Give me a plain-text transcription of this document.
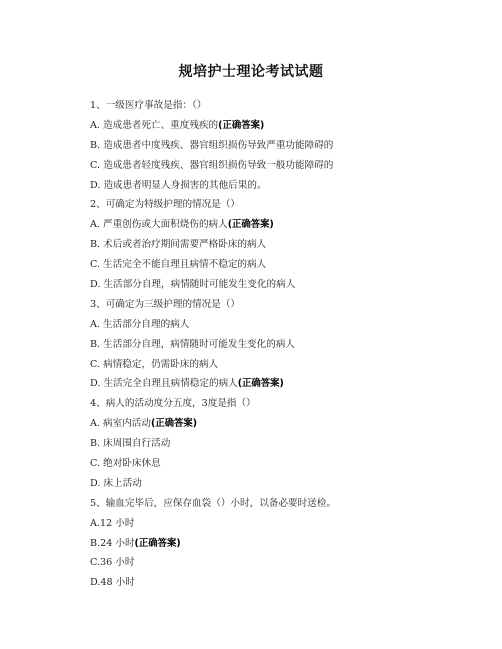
规培护士理论考试试题
1、一级医疗事故是指：（）
A. 造成患者死亡、重度残疾的(正确答案)
B. 造成患者中度残疾、器官组织损伤导致严重功能障碍的
C. 造成患者轻度残疾、器官组织损伤导致一般功能障碍的
D. 造成患者明显人身损害的其他后果的。
2、可确定为特级护理的情况是（）
A. 严重创伤或大面积烧伤的病人(正确答案)
B. 术后或者治疗期间需要严格卧床的病人
C. 生活完全不能自理且病情不稳定的病人
D. 生活部分自理，病情随时可能发生变化的病人
3、可确定为三级护理的情况是（）
A. 生活部分自理的病人
B. 生活部分自理，病情随时可能发生变化的病人
C. 病情稳定，仍需卧床的病人
D. 生活完全自理且病情稳定的病人(正确答案)
4、病人的活动度分五度，3度是指（）
A. 病室内活动(正确答案)
B. 床周围自行活动
C. 绝对卧床休息
D. 床上活动
5、输血完毕后，应保存血袋（）小时，以备必要时送检。
A.12 小时
B.24 小时(正确答案)
C.36 小时
D.48 小时
